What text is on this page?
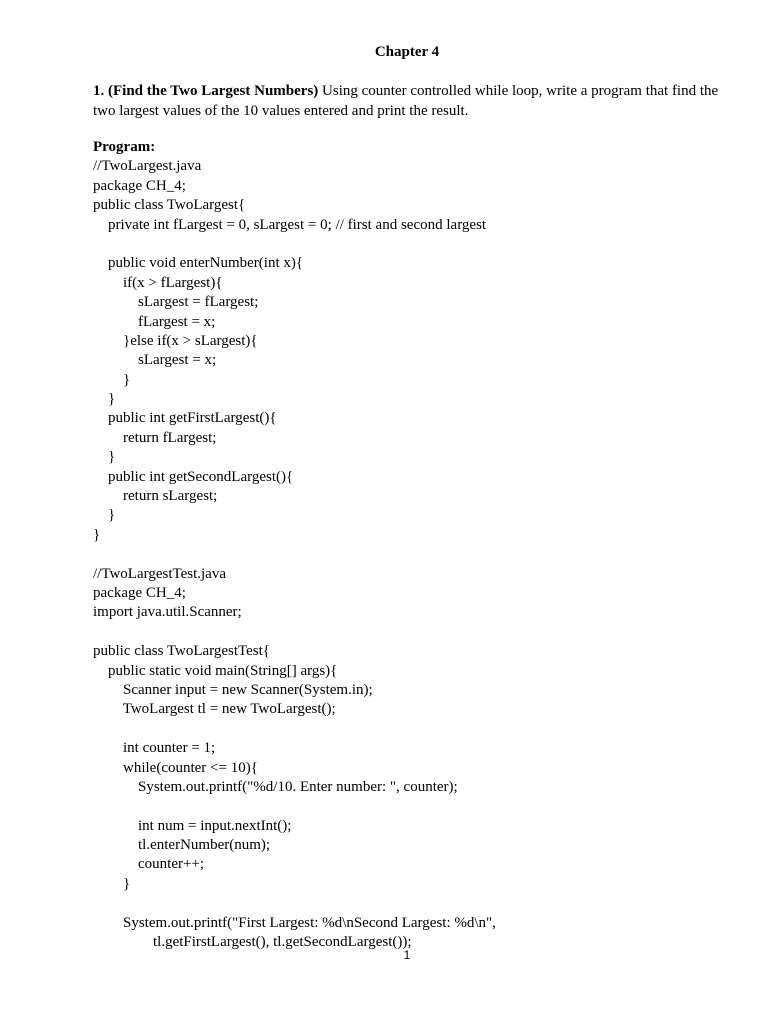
Chapter 4
1. (Find the Two Largest Numbers) Using counter controlled while loop, write a program that find the two largest values of the 10 values entered and print the result.
Program:
//TwoLargest.java
package CH_4;
public class TwoLargest{
private int fLargest = 0, sLargest = 0; // first and second largest
public void enterNumber(int x){
if(x > fLargest){
sLargest = fLargest;
fLargest = x;
}else if(x > sLargest){
sLargest = x;
}
}
public int getFirstLargest(){
return fLargest;
}
public int getSecondLargest(){
return sLargest;
}
}
//TwoLargestTest.java
package CH_4;
import java.util.Scanner;
public class TwoLargestTest{
public static void main(String[] args){
Scanner input = new Scanner(System.in);
TwoLargest tl = new TwoLargest();
int counter = 1;
while(counter <= 10){
System.out.printf("%d/10. Enter number: ", counter);
int num = input.nextInt();
tl.enterNumber(num);
counter++;
}
System.out.printf("First Largest: %d\nSecond Largest: %d\n",
tl.getFirstLargest(), tl.getSecondLargest());
1
